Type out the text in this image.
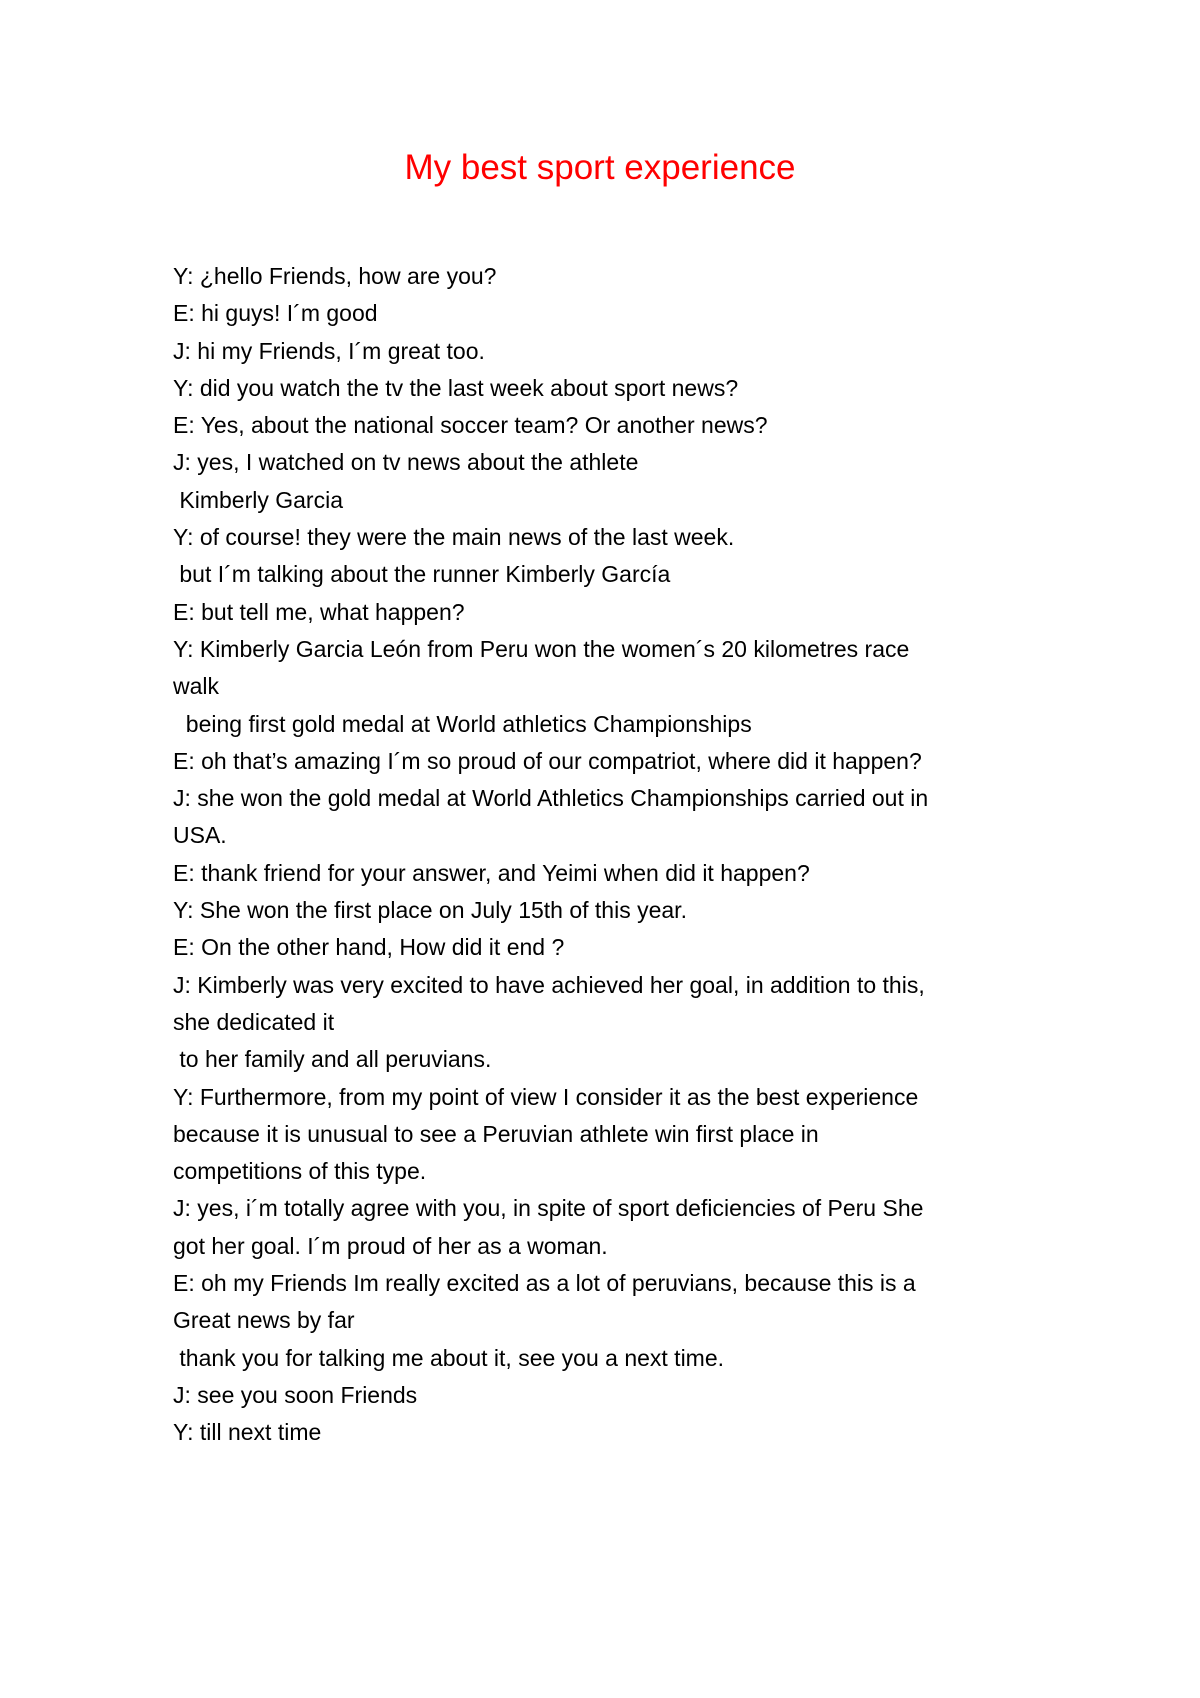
My best sport experience
Y: ¿hello Friends, how are you?
E: hi guys! I´m good
J: hi my Friends, I´m great too.
Y: did you watch the tv the last week about sport news?
E: Yes, about the national soccer team? Or another news?
J: yes, I watched on tv news about the athlete
Kimberly Garcia
Y: of course! they were the main news of the last week.
but I´m talking about the runner Kimberly García
E: but tell me, what happen?
Y: Kimberly Garcia León from Peru won the women´s 20 kilometres race
walk
being first gold medal at World athletics Championships
E: oh that’s amazing I´m so proud of our compatriot, where did it happen?
J: she won the gold medal at World Athletics Championships carried out in
USA.
E: thank friend for your answer, and Yeimi when did it happen?
Y: She won the first place on July 15th of this year.
E: On the other hand, How did it end ?
J: Kimberly was very excited to have achieved her goal, in addition to this,
she dedicated it
to her family and all peruvians.
Y: Furthermore, from my point of view I consider it as the best experience
because it is unusual to see a Peruvian athlete win first place in
competitions of this type.
J: yes, i´m totally agree with you, in spite of sport deficiencies of Peru She
got her goal. I´m proud of her as a woman.
E: oh my Friends Im really excited as a lot of peruvians, because this is a
Great news by far
thank you for talking me about it, see you a next time.
J: see you soon Friends
Y: till next time
